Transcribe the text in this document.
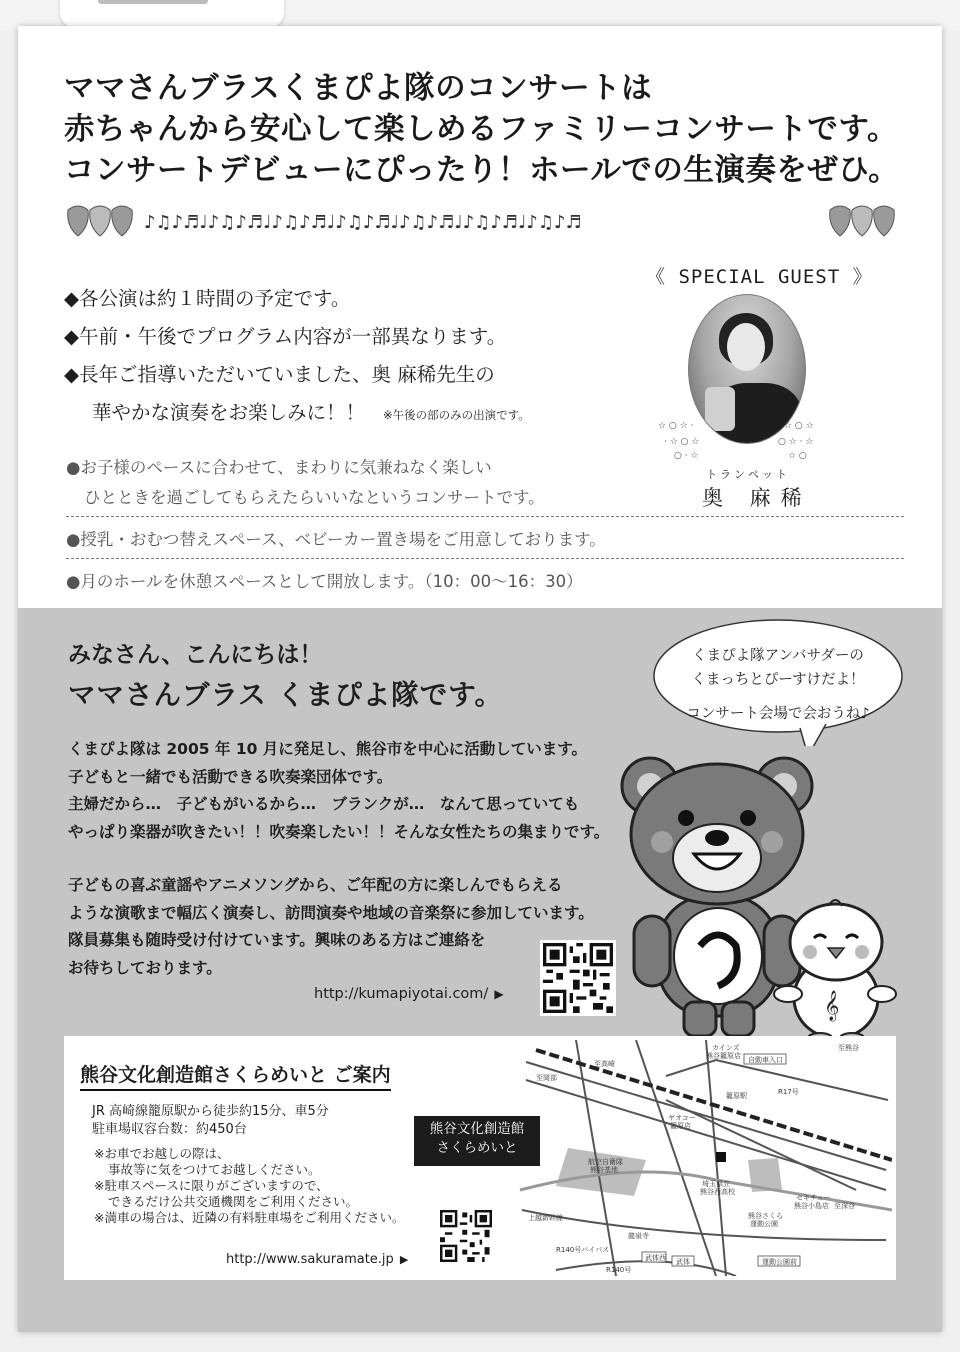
ママさんブラスくまぴよ隊のコンサートは
赤ちゃんから安心して楽しめるファミリーコンサートです。
コンサートデビューにぴったり！ホールでの生演奏をぜひ。
♪♫♪♬♩♪♫♪♬♩♪♫♪♬♩♪♫♪♬♩♪♫♪♬♩♪♫♪♬♩♪♫♪♬
《 SPECIAL GUEST 》
☆ ○ ☆ ·
· ☆ ○ ☆
○ · ☆
☆ ○ ☆
○ ☆ · ☆
☆ ○
トランペット
奥 麻稀
◆各公演は約１時間の予定です。
◆午前・午後でプログラム内容が一部異なります。
◆長年ご指導いただいていました、奥 麻稀先生の
華やかな演奏をお楽しみに！！ ※午後の部のみの出演です。
●お子様のペースに合わせて、まわりに気兼ねなく楽しい
ひとときを過ごしてもらえたらいいなというコンサートです。
●授乳・おむつ替えスペース、ベビーカー置き場をご用意しております。
●月のホールを休憩スペースとして開放します。（10：00〜16：30）
みなさん、こんにちは！
ママさんブラス くまぴよ隊です。
くまぴよ隊は 2005 年 10 月に発足し、熊谷市を中心に活動しています。
子どもと一緒でも活動できる吹奏楽団体です。
主婦だから…　子どもがいるから…　ブランクが…　なんて思っていても
やっぱり楽器が吹きたい！！吹奏楽したい！！そんな女性たちの集まりです。
子どもの喜ぶ童謡やアニメソングから、ご年配の方に楽しんでもらえる
ような演歌まで幅広く演奏し、訪問演奏や地域の音楽祭に参加しています。
隊員募集も随時受け付けています。興味のある方はご連絡を
お待ちしております。
http://kumapiyotai.com/ ▶
くまぴよ隊アンバサダーの
くまっちとぴーすけだよ！
コンサート会場で会おうね♪
𝄞
熊谷文化創造館さくらめいと ご案内
JR 高崎線籠原駅から徒歩約15分、車5分
駐車場収容台数：約450台
※お車でお越しの際は、
事故等に気をつけてお越しください。
※駐車スペースに限りがございますので、
できるだけ公共交通機関をご利用ください。
※満車の場合は、近隣の有料駐車場をご利用ください。
http://www.sakuramate.jp ▶
カインズ
熊谷籠原店 自動車入口
籠原駅
至熊谷
至高崎
R17号
ヤオコー
籠原店
航空自衛隊
熊谷基地
埼玉県立
熊谷西高校
セキチュー
熊谷小島店
熊谷さくら
運動公園
上越新幹線
龍泉寺
R140号バイパス
R140号
武体西 武体	運動公園前
至深谷
至岡部
熊谷文化創造館
さくらめいと
